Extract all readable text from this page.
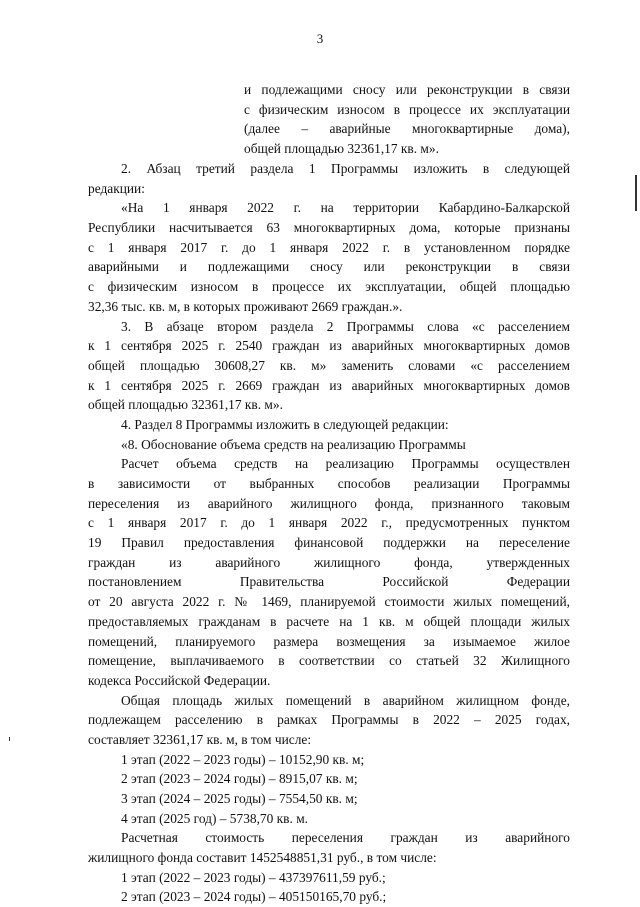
3
и подлежащими сносу или реконструкции в связи
с физическим износом в процессе их эксплуатации
(далее – аварийные многоквартирные дома),
общей площадью 32361,17 кв. м».
2. Абзац третий раздела 1 Программы изложить в следующей
редакции:
«На 1 января 2022 г. на территории Кабардино-Балкарской
Республики насчитывается 63 многоквартирных дома, которые признаны
с 1 января 2017 г. до 1 января 2022 г. в установленном порядке
аварийными и подлежащими сносу или реконструкции в связи
с физическим износом в процессе их эксплуатации, общей площадью
32,36 тыс. кв. м, в которых проживают 2669 граждан.».
3. В абзаце втором раздела 2 Программы слова «с расселением
к 1 сентября 2025 г. 2540 граждан из аварийных многоквартирных домов
общей площадью 30608,27 кв. м» заменить словами «с расселением
к 1 сентября 2025 г. 2669 граждан из аварийных многоквартирных домов
общей площадью 32361,17 кв. м».
4. Раздел 8 Программы изложить в следующей редакции:
«8. Обоснование объема средств на реализацию Программы
Расчет объема средств на реализацию Программы осуществлен
в зависимости от выбранных способов реализации Программы
переселения из аварийного жилищного фонда, признанного таковым
с 1 января 2017 г. до 1 января 2022 г., предусмотренных пунктом
19 Правил предоставления финансовой поддержки на переселение
граждан из аварийного жилищного фонда, утвержденных
постановлением Правительства Российской Федерации
от 20 августа 2022 г. № 1469, планируемой стоимости жилых помещений,
предоставляемых гражданам в расчете на 1 кв. м общей площади жилых
помещений, планируемого размера возмещения за изымаемое жилое
помещение, выплачиваемого в соответствии со статьей 32 Жилищного
кодекса Российской Федерации.
Общая площадь жилых помещений в аварийном жилищном фонде,
подлежащем расселению в рамках Программы в 2022 – 2025 годах,
составляет 32361,17 кв. м, в том числе:
1 этап (2022 – 2023 годы) – 10152,90 кв. м;
2 этап (2023 – 2024 годы) – 8915,07 кв. м;
3 этап (2024 – 2025 годы) – 7554,50 кв. м;
4 этап (2025 год) – 5738,70 кв. м.
Расчетная стоимость переселения граждан из аварийного
жилищного фонда составит 1452548851,31 руб., в том числе:
1 этап (2022 – 2023 годы) – 437397611,59 руб.;
2 этап (2023 – 2024 годы) – 405150165,70 руб.;
